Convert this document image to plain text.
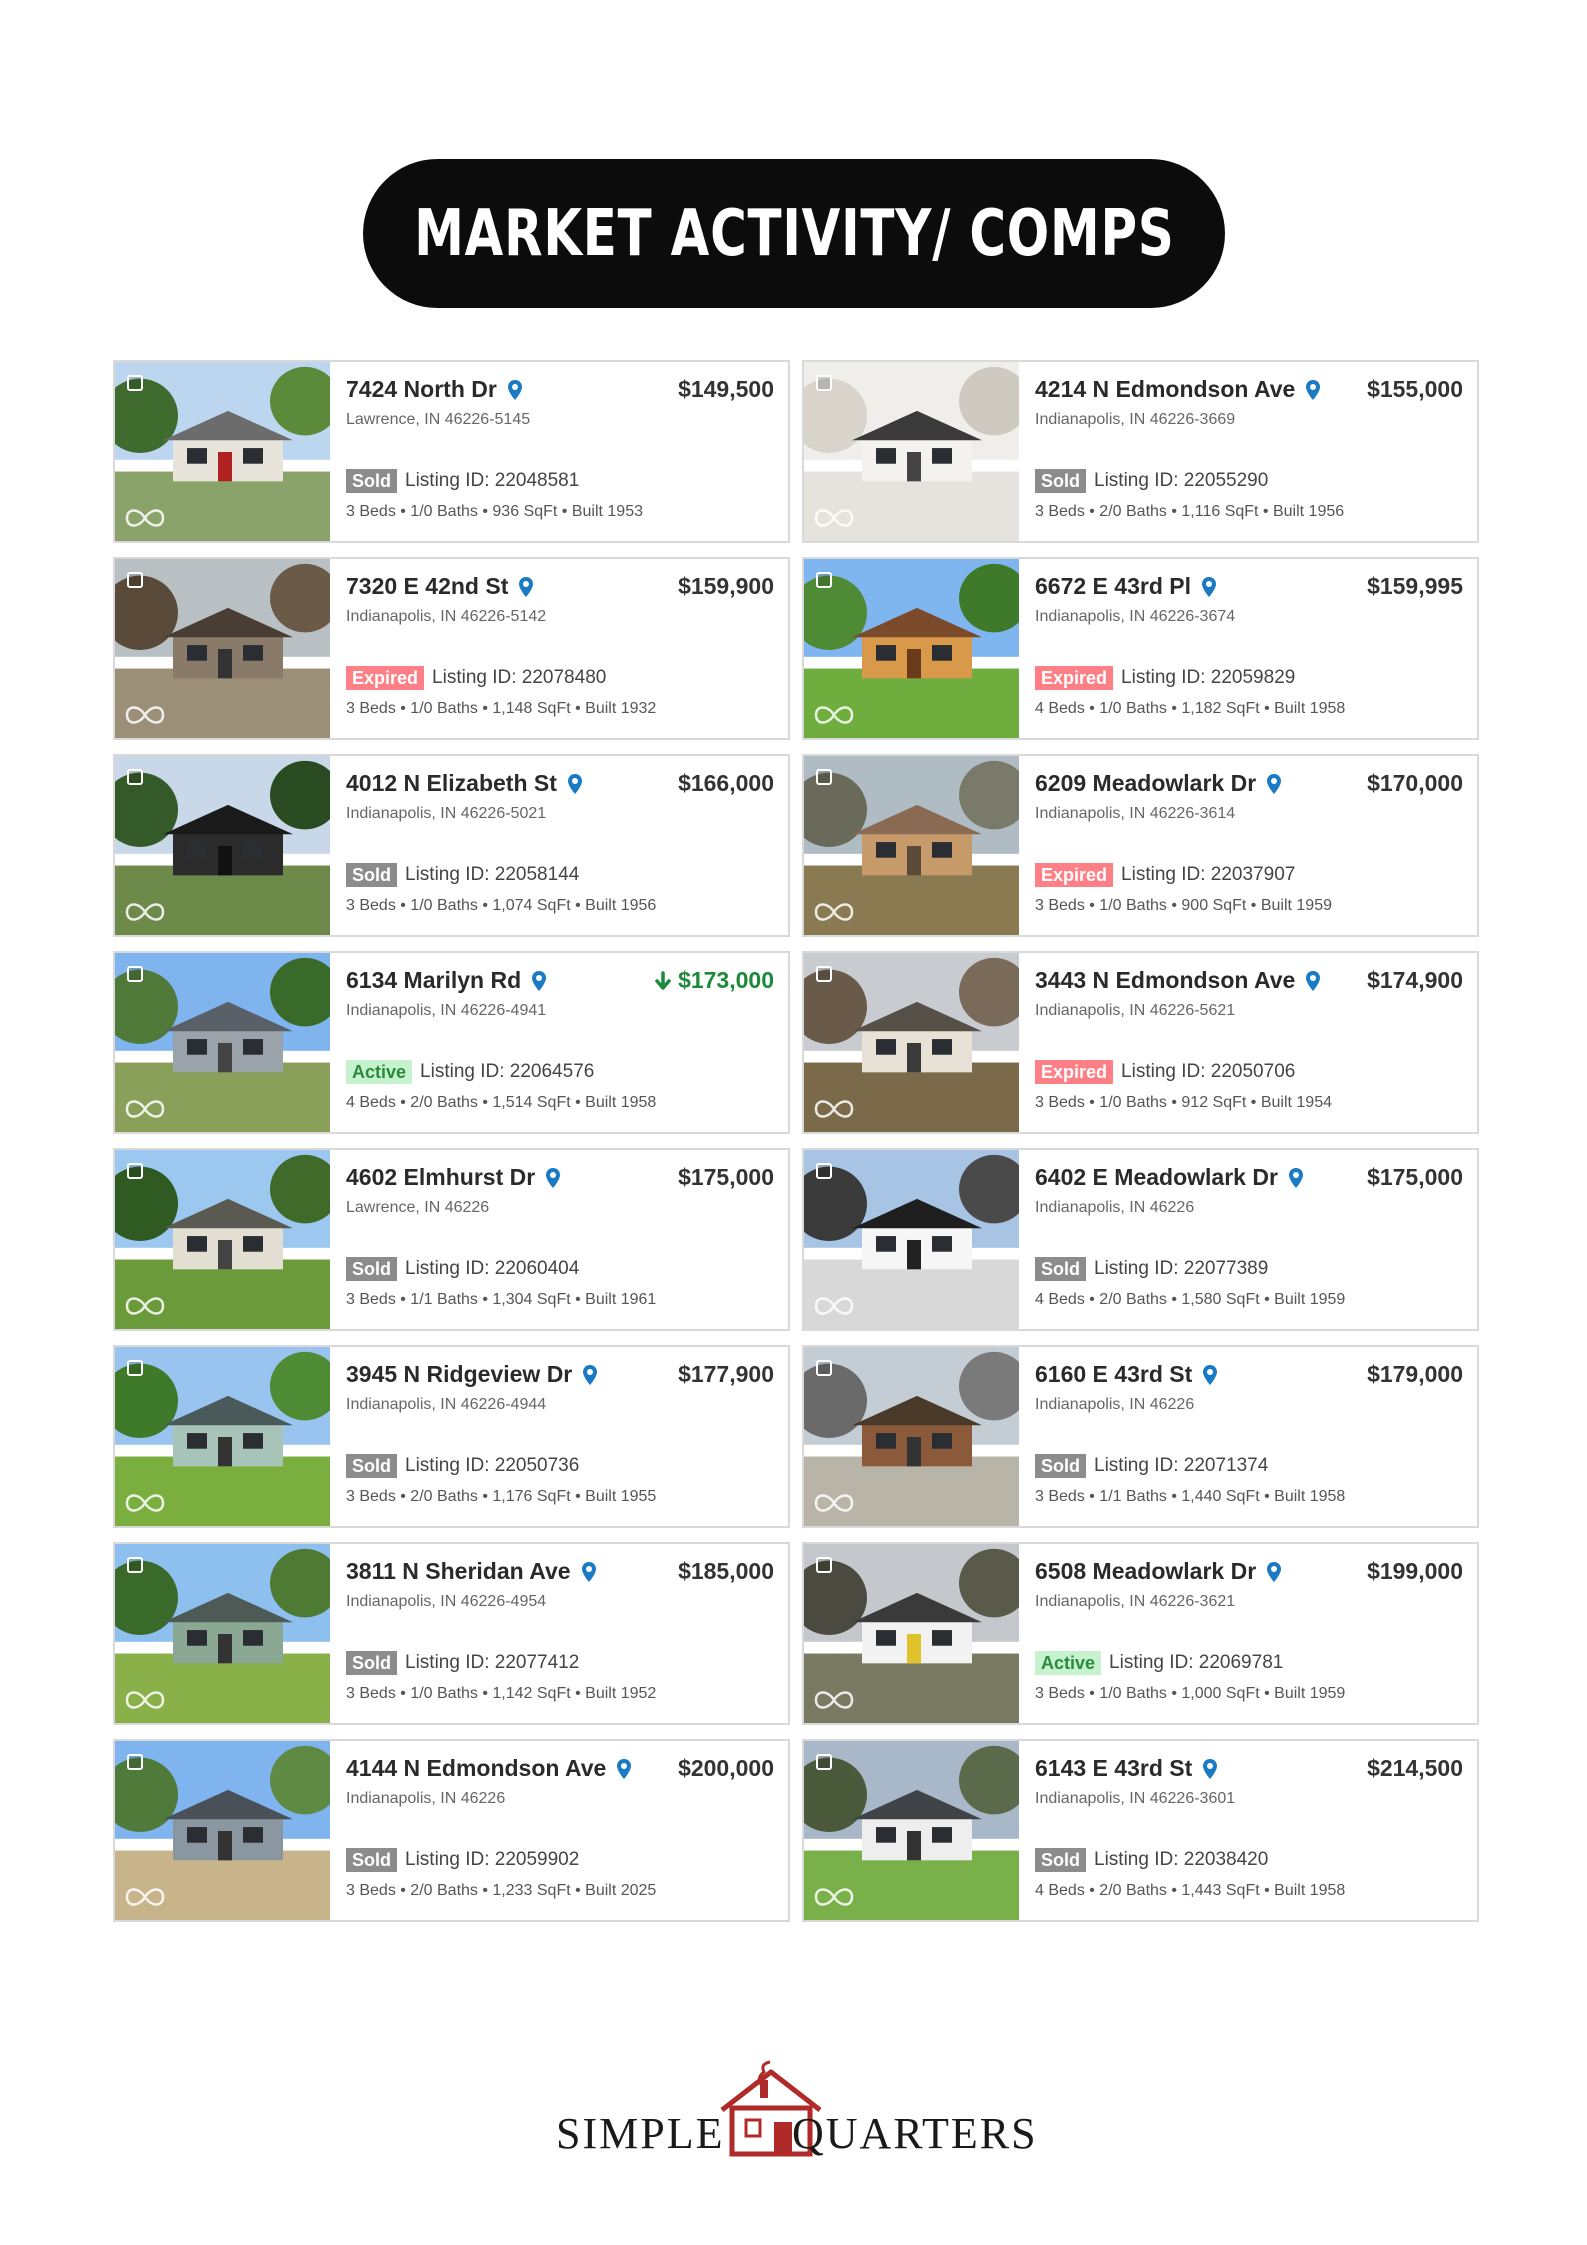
MARKET ACTIVITY/ COMPS
7424 North Dr	$149,500
Lawrence, IN 46226-5145
Sold Listing ID: 22048581
3 Beds • 1/0 Baths • 936 SqFt • Built 1953
4214 N Edmondson Ave	$155,000
Indianapolis, IN 46226-3669
Sold Listing ID: 22055290
3 Beds • 2/0 Baths • 1,116 SqFt • Built 1956
7320 E 42nd St	$159,900
Indianapolis, IN 46226-5142
Expired Listing ID: 22078480
3 Beds • 1/0 Baths • 1,148 SqFt • Built 1932
6672 E 43rd Pl	$159,995
Indianapolis, IN 46226-3674
Expired Listing ID: 22059829
4 Beds • 1/0 Baths • 1,182 SqFt • Built 1958
4012 N Elizabeth St	$166,000
Indianapolis, IN 46226-5021
Sold Listing ID: 22058144
3 Beds • 1/0 Baths • 1,074 SqFt • Built 1956
6209 Meadowlark Dr	$170,000
Indianapolis, IN 46226-3614
Expired Listing ID: 22037907
3 Beds • 1/0 Baths • 900 SqFt • Built 1959
6134 Marilyn Rd	$173,000
Indianapolis, IN 46226-4941
Active Listing ID: 22064576
4 Beds • 2/0 Baths • 1,514 SqFt • Built 1958
3443 N Edmondson Ave	$174,900
Indianapolis, IN 46226-5621
Expired Listing ID: 22050706
3 Beds • 1/0 Baths • 912 SqFt • Built 1954
4602 Elmhurst Dr	$175,000
Lawrence, IN 46226
Sold Listing ID: 22060404
3 Beds • 1/1 Baths • 1,304 SqFt • Built 1961
6402 E Meadowlark Dr	$175,000
Indianapolis, IN 46226
Sold Listing ID: 22077389
4 Beds • 2/0 Baths • 1,580 SqFt • Built 1959
3945 N Ridgeview Dr	$177,900
Indianapolis, IN 46226-4944
Sold Listing ID: 22050736
3 Beds • 2/0 Baths • 1,176 SqFt • Built 1955
6160 E 43rd St	$179,000
Indianapolis, IN 46226
Sold Listing ID: 22071374
3 Beds • 1/1 Baths • 1,440 SqFt • Built 1958
3811 N Sheridan Ave	$185,000
Indianapolis, IN 46226-4954
Sold Listing ID: 22077412
3 Beds • 1/0 Baths • 1,142 SqFt • Built 1952
6508 Meadowlark Dr	$199,000
Indianapolis, IN 46226-3621
Active Listing ID: 22069781
3 Beds • 1/0 Baths • 1,000 SqFt • Built 1959
4144 N Edmondson Ave	$200,000
Indianapolis, IN 46226
Sold Listing ID: 22059902
3 Beds • 2/0 Baths • 1,233 SqFt • Built 2025
6143 E 43rd St	$214,500
Indianapolis, IN 46226-3601
Sold Listing ID: 22038420
4 Beds • 2/0 Baths • 1,443 SqFt • Built 1958
SIMPLE QUARTERS
